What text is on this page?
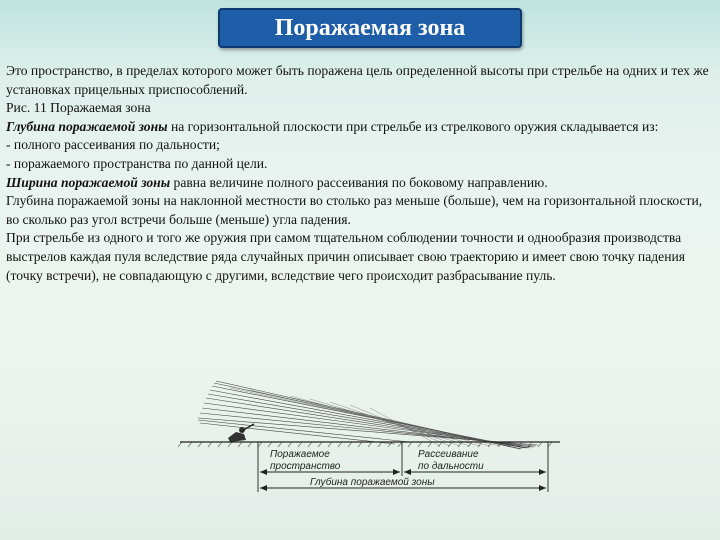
Поражаемая зона

Это пространство, в пределах которого может быть поражена цель определенной высоты при стрельбе на одних и тех же установках прицельных приспособлений.

Рис. 11 Поражаемая зона

Глубина поражаемой зоны на горизонтальной плоскости при стрельбе из стрелкового оружия складывается из:

- полного рассеивания по дальности;

- поражаемого пространства по данной цели.

Ширина поражаемой зоны равна величине полного рассеивания по боковому направлению.

Глубина поражаемой зоны на наклонной местности во столько раз меньше (больше), чем на горизонтальной плоскости, во сколько раз угол встречи больше (меньше) угла падения.

При стрельбе из одного и того же оружия при самом тщательном соблюдении точности и однообразия производства выстрелов каждая пуля вследствие ряда случайных причин описывает свою траекторию и имеет свою точку падения (точку встречи), не совпадающую с другими, вследствие чего происходит разбрасывание пуль.

Поражаемое
пространство
Рассеивание
по дальности
Глубина поражаемой зоны
